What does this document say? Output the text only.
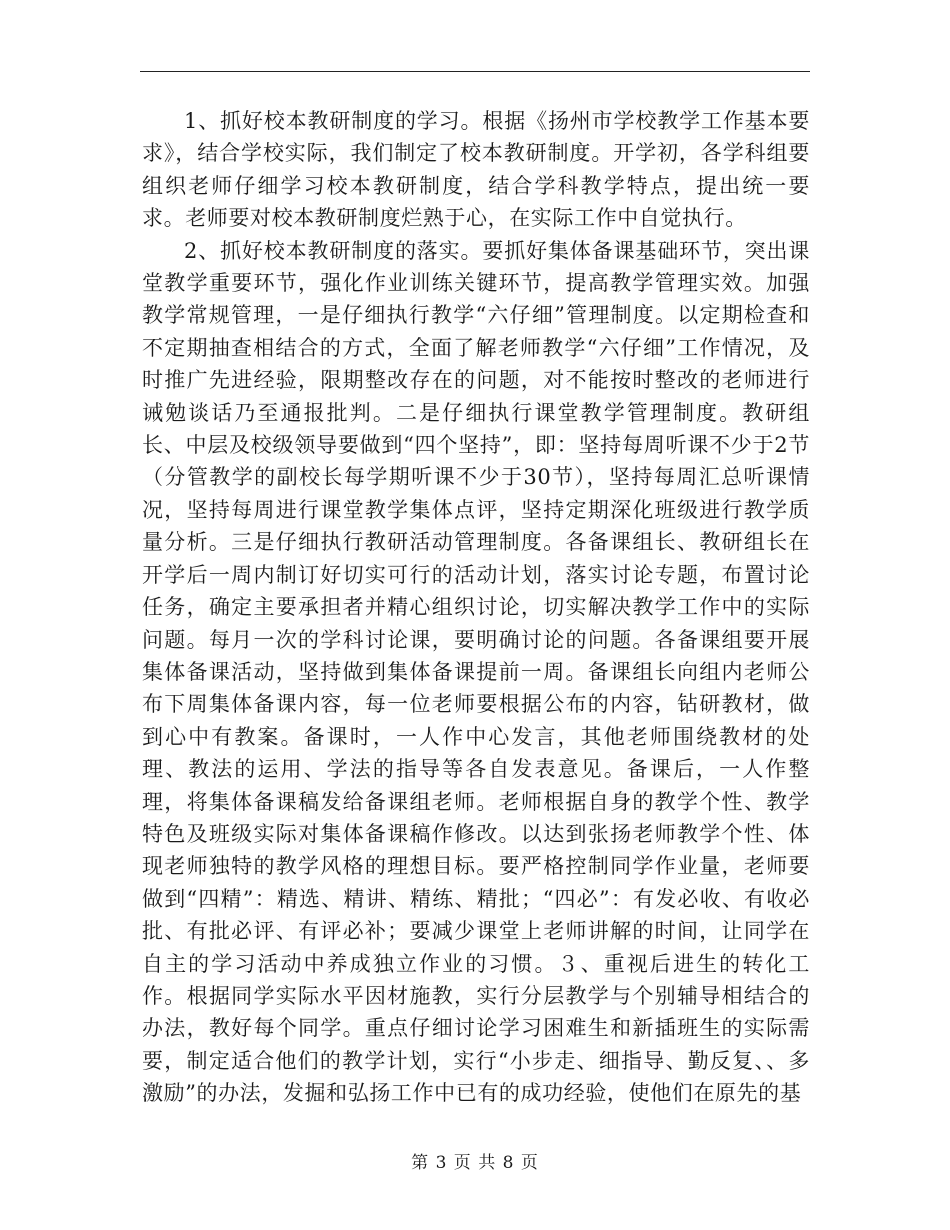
1、抓好校本教研制度的学习。根据《扬州市学校教学工作基本要求》，结合学校实际，我们制定了校本教研制度。开学初，各学科组要组织老师仔细学习校本教研制度，结合学科教学特点，提出统一要求。老师要对校本教研制度烂熟于心，在实际工作中自觉执行。

2、抓好校本教研制度的落实。要抓好集体备课基础环节，突出课堂教学重要环节，强化作业训练关键环节，提高教学管理实效。加强教学常规管理，一是仔细执行教学“六仔细”管理制度。以定期检查和不定期抽查相结合的方式，全面了解老师教学“六仔细”工作情况，及时推广先进经验，限期整改存在的问题，对不能按时整改的老师进行诫勉谈话乃至通报批判。二是仔细执行课堂教学管理制度。教研组长、中层及校级领导要做到“四个坚持”，即：坚持每周听课不少于2节（分管教学的副校长每学期听课不少于30节），坚持每周汇总听课情况，坚持每周进行课堂教学集体点评，坚持定期深化班级进行教学质量分析。三是仔细执行教研活动管理制度。各备课组长、教研组长在开学后一周内制订好切实可行的活动计划，落实讨论专题，布置讨论任务，确定主要承担者并精心组织讨论，切实解决教学工作中的实际问题。每月一次的学科讨论课，要明确讨论的问题。各备课组要开展集体备课活动，坚持做到集体备课提前一周。备课组长向组内老师公布下周集体备课内容，每一位老师要根据公布的内容，钻研教材，做到心中有教案。备课时，一人作中心发言，其他老师围绕教材的处理、教法的运用、学法的指导等各自发表意见。备课后，一人作整理，将集体备课稿发给备课组老师。老师根据自身的教学个性、教学特色及班级实际对集体备课稿作修改。以达到张扬老师教学个性、体现老师独特的教学风格的理想目标。要严格控制同学作业量，老师要做到“四精”：精选、精讲、精练、精批；“四必”：有发必收、有收必批、有批必评、有评必补；要减少课堂上老师讲解的时间，让同学在自主的学习活动中养成独立作业的习惯。３、重视后进生的转化工作。根据同学实际水平因材施教，实行分层教学与个别辅导相结合的办法，教好每个同学。重点仔细讨论学习困难生和新插班生的实际需要，制定适合他们的教学计划，实行“小步走、细指导、勤反复、、多激励”的办法，发掘和弘扬工作中已有的成功经验，使他们在原先的基

第 3 页 共 8 页
